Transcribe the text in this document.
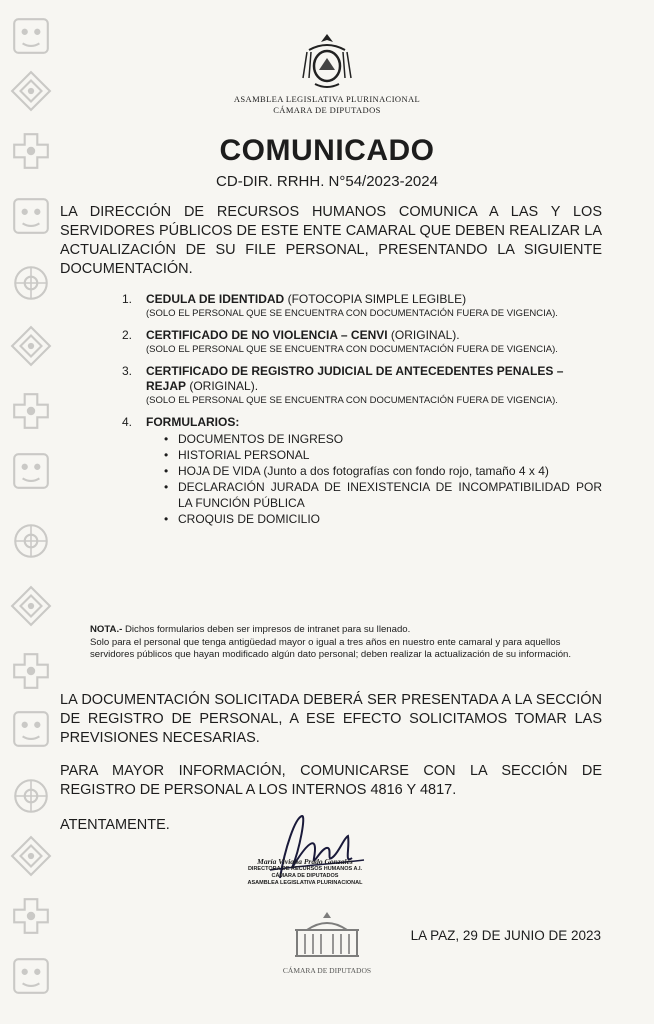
ASAMBLEA LEGISLATIVA PLURINACIONAL
CÁMARA DE DIPUTADOS
COMUNICADO
CD-DIR. RRHH. N°54/2023-2024
LA DIRECCIÓN DE RECURSOS HUMANOS COMUNICA A LAS Y LOS SERVIDORES PÚBLICOS DE ESTE ENTE CAMARAL QUE DEBEN REALIZAR LA ACTUALIZACIÓN DE SU FILE PERSONAL, PRESENTANDO LA SIGUIENTE DOCUMENTACIÓN.
1. CEDULA DE IDENTIDAD (FOTOCOPIA SIMPLE LEGIBLE)
(SOLO EL PERSONAL QUE SE ENCUENTRA CON DOCUMENTACIÓN FUERA DE VIGENCIA).
2. CERTIFICADO DE NO VIOLENCIA – CENVI (ORIGINAL).
(SOLO EL PERSONAL QUE SE ENCUENTRA CON DOCUMENTACIÓN FUERA DE VIGENCIA).
3. CERTIFICADO DE REGISTRO JUDICIAL DE ANTECEDENTES PENALES – REJAP (ORIGINAL).
(SOLO EL PERSONAL QUE SE ENCUENTRA CON DOCUMENTACIÓN FUERA DE VIGENCIA).
4. FORMULARIOS:
• DOCUMENTOS DE INGRESO
• HISTORIAL PERSONAL
• HOJA DE VIDA (Junto a dos fotografías con fondo rojo, tamaño 4 x 4)
• DECLARACIÓN JURADA DE INEXISTENCIA DE INCOMPATIBILIDAD POR LA FUNCIÓN PÚBLICA
• CROQUIS DE DOMICILIO
NOTA.- Dichos formularios deben ser impresos de intranet para su llenado.
Solo para el personal que tenga antigüedad mayor o igual a tres años en nuestro ente camaral y para aquellos servidores públicos que hayan modificado algún dato personal; deben realizar la actualización de su información.
LA DOCUMENTACIÓN SOLICITADA DEBERÁ SER PRESENTADA A LA SECCIÓN DE REGISTRO DE PERSONAL, A ESE EFECTO SOLICITAMOS TOMAR LAS PREVISIONES NECESARIAS.
PARA MAYOR INFORMACIÓN, COMUNICARSE CON LA SECCIÓN DE REGISTRO DE PERSONAL A LOS INTERNOS 4816 Y 4817.
ATENTAMENTE.
María Viviana Prado Gonzales
DIRECTORA DE RECURSOS HUMANOS A.I.
CÁMARA DE DIPUTADOS
ASAMBLEA LEGISLATIVA PLURINACIONAL
CÁMARA DE DIPUTADOS
LA PAZ, 29 DE JUNIO DE 2023
